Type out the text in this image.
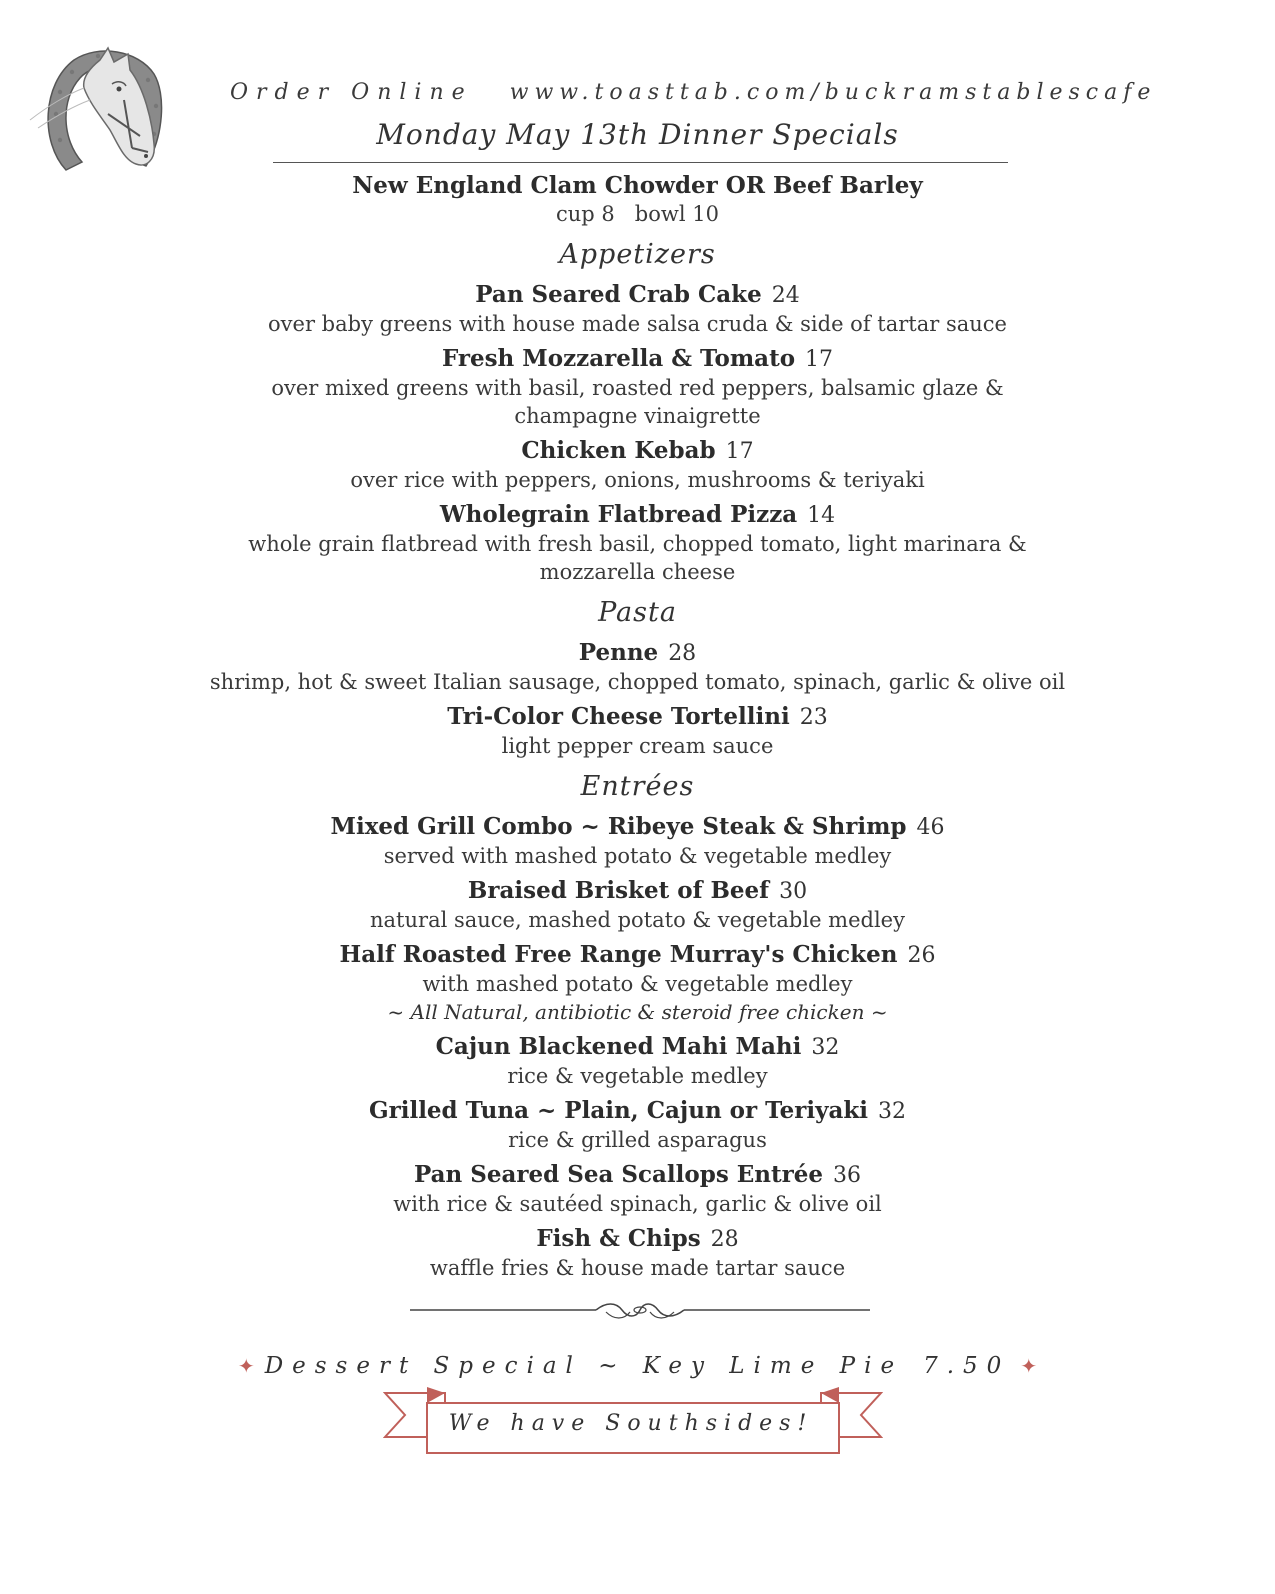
Order Online www.toasttab.com/buckramstablescafe
Monday May 13th Dinner Specials
New England Clam Chowder OR Beef Barley
cup 8   bowl 10
Appetizers
Pan Seared Crab Cake 24
over baby greens with house made salsa cruda & side of tartar sauce
Fresh Mozzarella & Tomato 17
over mixed greens with basil, roasted red peppers, balsamic glaze & champagne vinaigrette
Chicken Kebab 17
over rice with peppers, onions, mushrooms & teriyaki
Wholegrain Flatbread Pizza 14
whole grain flatbread with fresh basil, chopped tomato, light marinara & mozzarella cheese
Pasta
Penne 28
shrimp, hot & sweet Italian sausage, chopped tomato, spinach, garlic & olive oil
Tri-Color Cheese Tortellini 23
light pepper cream sauce
Entrées
Mixed Grill Combo ~ Ribeye Steak & Shrimp 46
served with mashed potato & vegetable medley
Braised Brisket of Beef 30
natural sauce, mashed potato & vegetable medley
Half Roasted Free Range Murray's Chicken 26
with mashed potato & vegetable medley
~ All Natural, antibiotic & steroid free chicken ~
Cajun Blackened Mahi Mahi 32
rice & vegetable medley
Grilled Tuna ~ Plain, Cajun or Teriyaki 32
rice & grilled asparagus
Pan Seared Sea Scallops Entrée 36
with rice & sautéed spinach, garlic & olive oil
Fish & Chips 28
waffle fries & house made tartar sauce
✦ Dessert Special ~ Key Lime Pie 7.50 ✦
We have Southsides!
